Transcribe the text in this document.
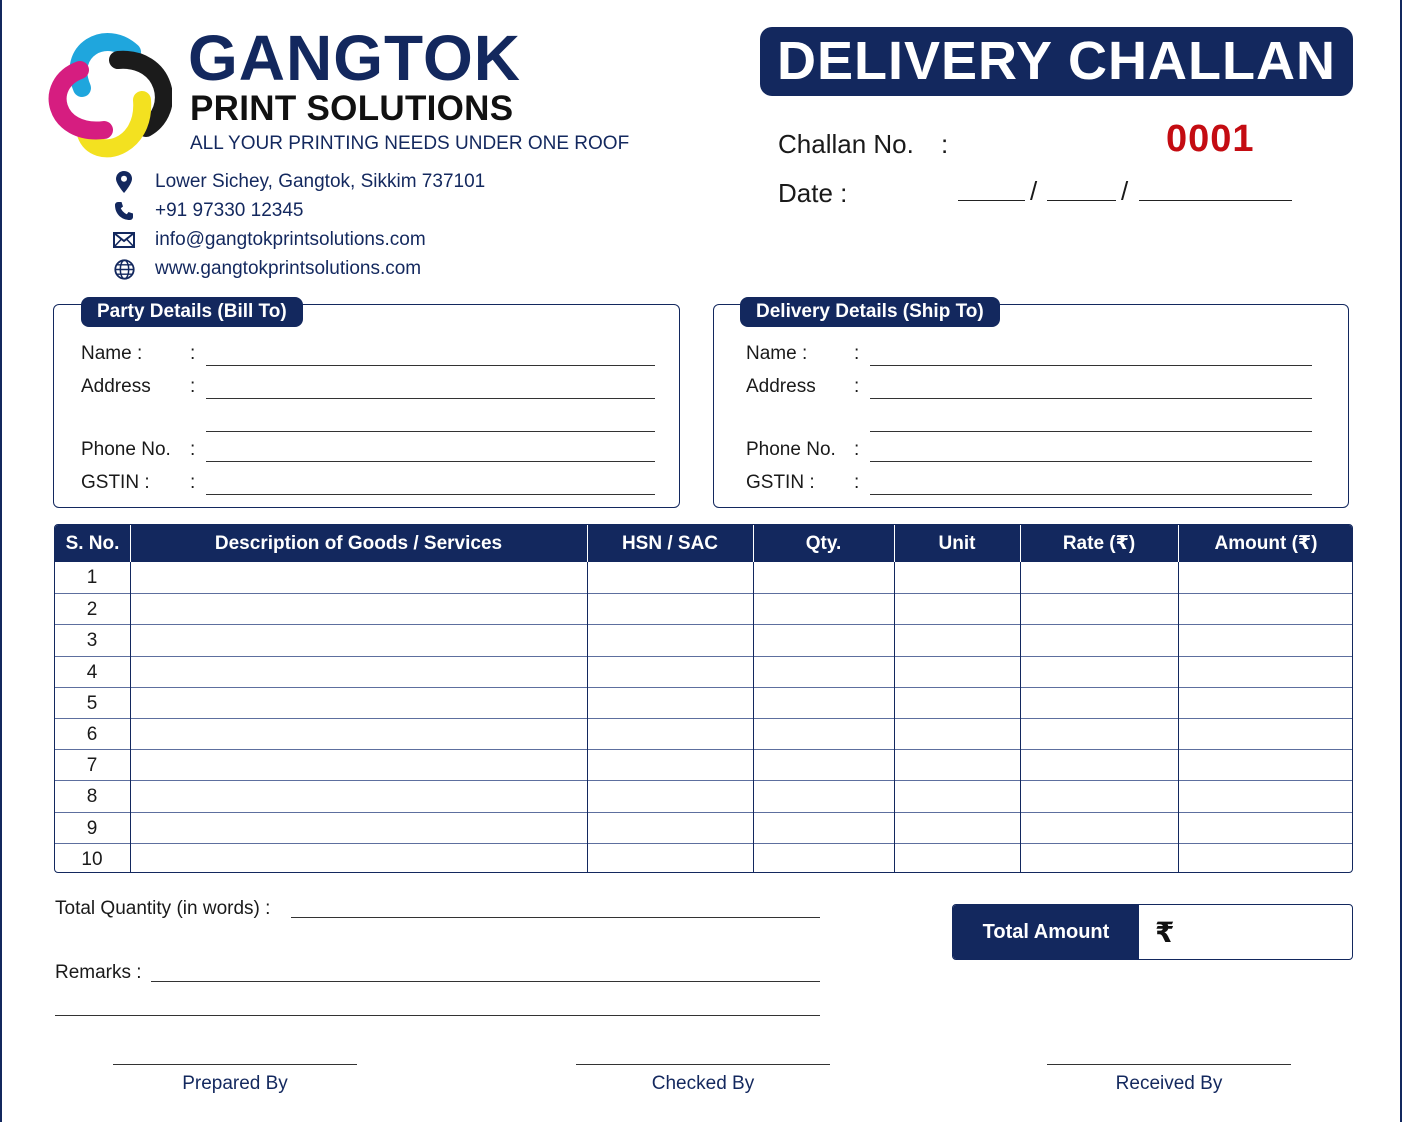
GANGTOK
PRINT SOLUTIONS
ALL YOUR PRINTING NEEDS UNDER ONE ROOF
Lower Sichey, Gangtok, Sikkim 737101
+91 97330 12345
info@gangtokprintsolutions.com
www.gangtokprintsolutions.com
DELIVERY CHALLAN
Challan No. :	0001
Date :	/	/
Party Details (Bill To)
Name :	:
Address :
Phone No. :
GSTIN : :
Delivery Details (Ship To)
Name : :
Address :
Phone No. :
GSTIN : :
S. No.	Description of Goods / Services	HSN / SAC	Qty.	Unit	Rate (₹)	Amount (₹)
1
2
3
4
5
6
7
8
9
10
Total Quantity (in words) :
Remarks :
Total Amount	₹
Prepared By	Checked By	Received By
